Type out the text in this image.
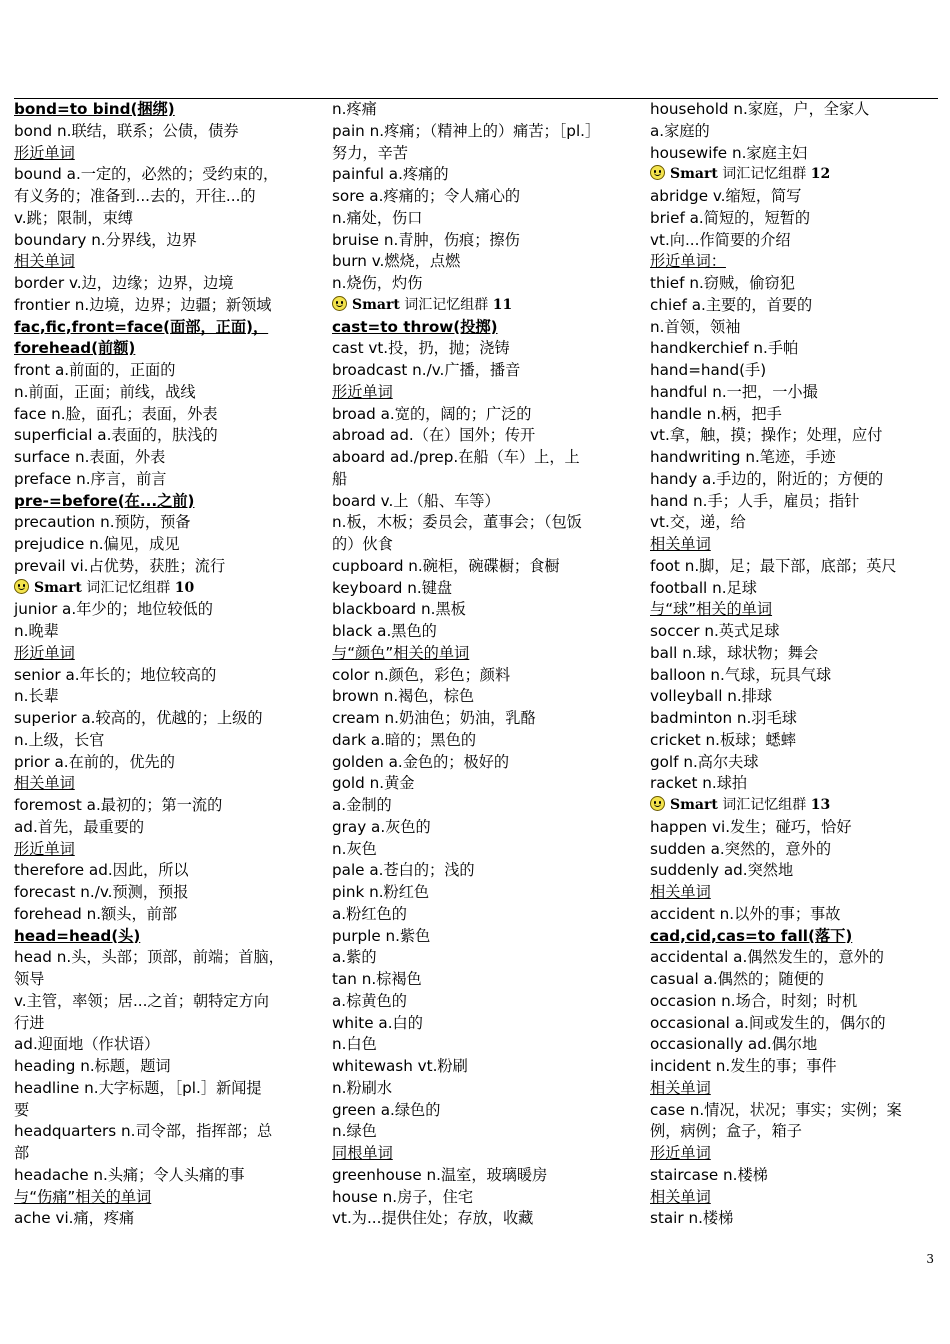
bond=to bind(捆绑)
bond n.联结，联系；公债，债券
形近单词
bound a.一定的，必然的；受约束的，
有义务的；准备到...去的，开往...的
v.跳；限制，束缚
boundary n.分界线，边界
相关单词
border v.边，边缘；边界，边境
frontier n.边境，边界；边疆；新领域
fac,fic,front=face(面部，正面)，
forehead(前额)
front a.前面的，正面的
n.前面，正面；前线，战线
face n.脸，面孔；表面，外表
superficial a.表面的，肤浅的
surface n.表面，外表
preface n.序言，前言
pre-=before(在...之前)
precaution n.预防，预备
prejudice n.偏见，成见
prevail vi.占优势，获胜；流行
Smart 词汇记忆组群 10
junior a.年少的；地位较低的
n.晚辈
形近单词
senior a.年长的；地位较高的
n.长辈
superior a.较高的，优越的；上级的
n.上级，长官
prior a.在前的，优先的
相关单词
foremost a.最初的；第一流的
ad.首先，最重要的
形近单词
therefore ad.因此，所以
forecast n./v.预测，预报
forehead n.额头，前部
head=head(头)
head n.头，头部；顶部，前端；首脑，
领导
v.主管，率领；居...之首；朝特定方向
行进
ad.迎面地（作状语）
heading n.标题，题词
headline n.大字标题，［pl.］新闻提
要
headquarters n.司令部，指挥部；总
部
headache n.头痛；令人头痛的事
与“伤痛”相关的单词
ache vi.痛，疼痛
n.疼痛
pain n.疼痛；（精神上的）痛苦；［pl.］
努力，辛苦
painful a.疼痛的
sore a.疼痛的；令人痛心的
n.痛处，伤口
bruise n.青肿，伤痕；擦伤
burn v.燃烧，点燃
n.烧伤，灼伤
Smart 词汇记忆组群 11
cast=to throw(投掷)
cast vt.投，扔，抛；浇铸
broadcast n./v.广播，播音
形近单词
broad a.宽的，阔的；广泛的
abroad ad.（在）国外；传开
aboard ad./prep.在船（车）上，上
船
board v.上（船、车等）
n.板，木板；委员会，董事会；（包饭
的）伙食
cupboard n.碗柜，碗碟橱；食橱
keyboard n.键盘
blackboard n.黑板
black a.黑色的
与“颜色”相关的单词
color n.颜色，彩色；颜料
brown n.褐色，棕色
cream n.奶油色；奶油，乳酪
dark a.暗的；黑色的
golden a.金色的；极好的
gold n.黄金
a.金制的
gray a.灰色的
n.灰色
pale a.苍白的；浅的
pink n.粉红色
a.粉红色的
purple n.紫色
a.紫的
tan n.棕褐色
a.棕黄色的
white a.白的
n.白色
whitewash vt.粉刷
n.粉刷水
green a.绿色的
n.绿色
同根单词
greenhouse n.温室，玻璃暖房
house n.房子，住宅
vt.为...提供住处；存放，收藏
household n.家庭，户，全家人
a.家庭的
housewife n.家庭主妇
Smart 词汇记忆组群 12
abridge v.缩短，简写
brief a.简短的，短暂的
vt.向...作简要的介绍
形近单词：
thief n.窃贼，偷窃犯
chief a.主要的，首要的
n.首领，领袖
handkerchief n.手帕
hand=hand(手)
handful n.一把，一小撮
handle n.柄，把手
vt.拿，触，摸；操作；处理，应付
handwriting n.笔迹，手迹
handy a.手边的，附近的；方便的
hand n.手；人手，雇员；指针
vt.交，递，给
相关单词
foot n.脚，足；最下部，底部；英尺
football n.足球
与“球”相关的单词
soccer n.英式足球
ball n.球，球状物；舞会
balloon n.气球，玩具气球
volleyball n.排球
badminton n.羽毛球
cricket n.板球；蟋蟀
golf n.高尔夫球
racket n.球拍
Smart 词汇记忆组群 13
happen vi.发生；碰巧，恰好
sudden a.突然的，意外的
suddenly ad.突然地
相关单词
accident n.以外的事；事故
cad,cid,cas=to fall(落下)
accidental a.偶然发生的，意外的
casual a.偶然的；随便的
occasion n.场合，时刻；时机
occasional a.间或发生的，偶尔的
occasionally ad.偶尔地
incident n.发生的事；事件
相关单词
case n.情况，状况；事实；实例；案
例，病例；盒子，箱子
形近单词
staircase n.楼梯
相关单词
stair n.楼梯
3
